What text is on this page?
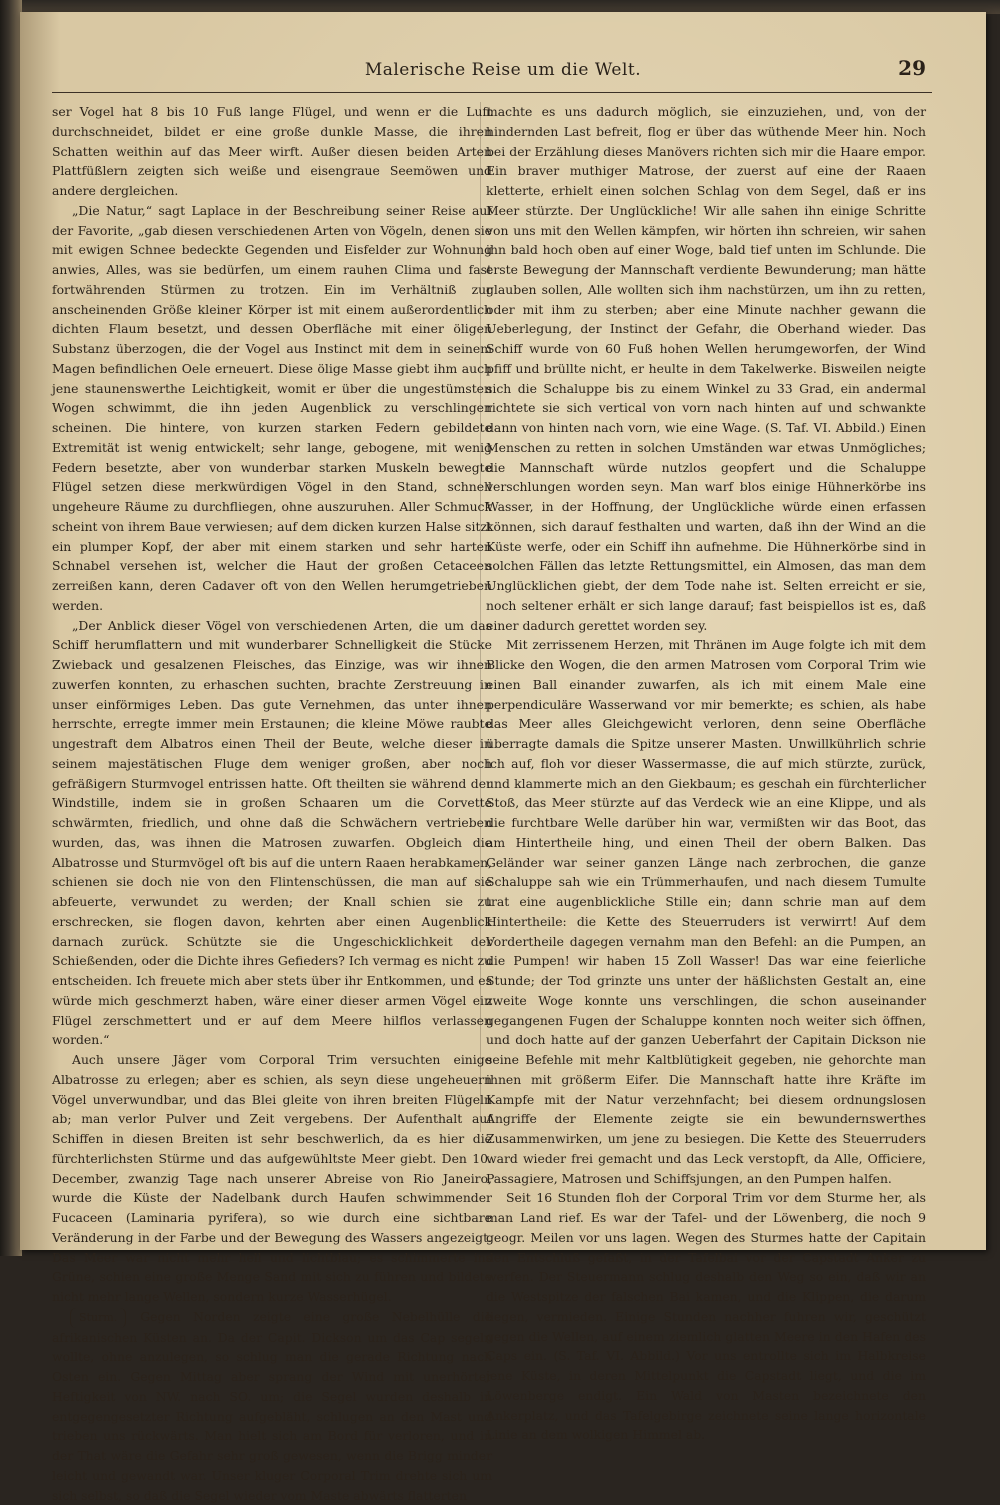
Malerische Reise um die Welt.	29

ser Vogel hat 8 bis 10 Fuß lange Flügel, und wenn er die Luft durchschneidet, bildet er eine große dunkle Masse, die ihren Schatten weithin auf das Meer wirft. Außer diesen beiden Arten Plattfüßlern zeigten sich weiße und eisengraue Seemöwen und andere dergleichen.

„Die Natur,“ sagt Laplace in der Beschreibung seiner Reise auf der Favorite, „gab diesen verschiedenen Arten von Vögeln, denen sie mit ewigen Schnee bedeckte Gegenden und Eisfelder zur Wohnung anwies, Alles, was sie bedürfen, um einem rauhen Clima und fast fortwährenden Stürmen zu trotzen. Ein im Verhältniß zur anscheinenden Größe kleiner Körper ist mit einem außerordentlich dichten Flaum besetzt, und dessen Oberfläche mit einer öligen Substanz überzogen, die der Vogel aus Instinct mit dem in seinem Magen befindlichen Oele erneuert. Diese ölige Masse giebt ihm auch jene staunenswerthe Leichtigkeit, womit er über die ungestümsten Wogen schwimmt, die ihn jeden Augenblick zu verschlingen scheinen. Die hintere, von kurzen starken Federn gebildete Extremität ist wenig entwickelt; sehr lange, gebogene, mit wenig Federn besetzte, aber von wunderbar starken Muskeln bewegte Flügel setzen diese merkwürdigen Vögel in den Stand, schnell ungeheure Räume zu durchfliegen, ohne auszuruhen. Aller Schmuck scheint von ihrem Baue verwiesen; auf dem dicken kurzen Halse sitzt ein plumper Kopf, der aber mit einem starken und sehr harten Schnabel versehen ist, welcher die Haut der großen Cetaceen zerreißen kann, deren Cadaver oft von den Wellen herumgetrieben werden.

„Der Anblick dieser Vögel von verschiedenen Arten, die um das Schiff herumflattern und mit wunderbarer Schnelligkeit die Stücke Zwieback und gesalzenen Fleisches, das Einzige, was wir ihnen zuwerfen konnten, zu erhaschen suchten, brachte Zerstreuung in unser einförmiges Leben. Das gute Vernehmen, das unter ihnen herrschte, erregte immer mein Erstaunen; die kleine Möwe raubte ungestraft dem Albatros einen Theil der Beute, welche dieser in seinem majestätischen Fluge dem weniger großen, aber noch gefräßigern Sturmvogel entrissen hatte. Oft theilten sie während der Windstille, indem sie in großen Schaaren um die Corvette schwärmten, friedlich, und ohne daß die Schwächern vertrieben wurden, das, was ihnen die Matrosen zuwarfen. Obgleich die Albatrosse und Sturmvögel oft bis auf die untern Raaen herabkamen, schienen sie doch nie von den Flintenschüssen, die man auf sie abfeuerte, verwundet zu werden; der Knall schien sie zu erschrecken, sie flogen davon, kehrten aber einen Augenblick darnach zurück. Schützte sie die Ungeschicklichkeit der Schießenden, oder die Dichte ihres Gefieders? Ich vermag es nicht zu entscheiden. Ich freuete mich aber stets über ihr Entkommen, und es würde mich geschmerzt haben, wäre einer dieser armen Vögel ein Flügel zerschmettert und er auf dem Meere hilflos verlassen worden.“

Auch unsere Jäger vom Corporal Trim versuchten einige Albatrosse zu erlegen; aber es schien, als seyn diese ungeheuern Vögel unverwundbar, und das Blei gleite von ihren breiten Flügeln ab; man verlor Pulver und Zeit vergebens. Der Aufenthalt auf Schiffen in diesen Breiten ist sehr beschwerlich, da es hier die fürchterlichsten Stürme und das aufgewühltste Meer giebt. Den 10. December, zwanzig Tage nach unserer Abreise von Rio Janeiro, wurde die Küste der Nadelbank durch Haufen schwimmender Fucaceen (Laminaria pyrifera), so wie durch eine sichtbare Veränderung in der Farbe und der Bewegung des Wassers angezeigt. Das Meer war nicht mehr hell und lichtblau; es schimmerte ins Grüne, schien eine große Menge Sand mit sich zu führen und bildete nicht mehr lange Wellen, sondern kurze Wasserhügel.

Sturm. Gegen Norden zeigte eine große Nebelhülle die afrikanischen Küsten an. Da der Capit. Dickson um das Cap segeln wollte, ohne anzulegen, so schlug man die gerade Richtung nach Osten ein. Gegen Mittag aber sprang der Wind mit unerhörter Heftigkeit von NW. nach SO. um; die Segel wurden deshalb in entgegengesetzter Richtung aufgebläht, schlugen an den Mast und trieben uns rückwärts. Man hielt sich am Bord für verloren, und in der That wäre die Gefahr sehr groß gewesen, wenn die Brigg minder leicht und gewandt war. Unser kluger Corporal Trim drehte sich um sich selbst, so daß die Segel wieder vom Maste abwärts flatterten

machte es uns dadurch möglich, sie einzuziehen, und, von der hindernden Last befreit, flog er über das wüthende Meer hin. Noch bei der Erzählung dieses Manövers richten sich mir die Haare empor. Ein braver muthiger Matrose, der zuerst auf eine der Raaen kletterte, erhielt einen solchen Schlag von dem Segel, daß er ins Meer stürzte. Der Unglückliche! Wir alle sahen ihn einige Schritte von uns mit den Wellen kämpfen, wir hörten ihn schreien, wir sahen ihn bald hoch oben auf einer Woge, bald tief unten im Schlunde. Die erste Bewegung der Mannschaft verdiente Bewunderung; man hätte glauben sollen, Alle wollten sich ihm nachstürzen, um ihn zu retten, oder mit ihm zu sterben; aber eine Minute nachher gewann die Ueberlegung, der Instinct der Gefahr, die Oberhand wieder. Das Schiff wurde von 60 Fuß hohen Wellen herumgeworfen, der Wind pfiff und brüllte nicht, er heulte in dem Takelwerke. Bisweilen neigte sich die Schaluppe bis zu einem Winkel zu 33 Grad, ein andermal richtete sie sich vertical von vorn nach hinten auf und schwankte dann von hinten nach vorn, wie eine Wage. (S. Taf. VI. Abbild.) Einen Menschen zu retten in solchen Umständen war etwas Unmögliches; die Mannschaft würde nutzlos geopfert und die Schaluppe verschlungen worden seyn. Man warf blos einige Hühnerkörbe ins Wasser, in der Hoffnung, der Unglückliche würde einen erfassen können, sich darauf festhalten und warten, daß ihn der Wind an die Küste werfe, oder ein Schiff ihn aufnehme. Die Hühnerkörbe sind in solchen Fällen das letzte Rettungsmittel, ein Almosen, das man dem Unglücklichen giebt, der dem Tode nahe ist. Selten erreicht er sie, noch seltener erhält er sich lange darauf; fast beispiellos ist es, daß einer dadurch gerettet worden sey.

Mit zerrissenem Herzen, mit Thränen im Auge folgte ich mit dem Blicke den Wogen, die den armen Matrosen vom Corporal Trim wie einen Ball einander zuwarfen, als ich mit einem Male eine perpendiculäre Wasserwand vor mir bemerkte; es schien, als habe das Meer alles Gleichgewicht verloren, denn seine Oberfläche überragte damals die Spitze unserer Masten. Unwillkührlich schrie ich auf, floh vor dieser Wassermasse, die auf mich stürzte, zurück, und klammerte mich an den Giekbaum; es geschah ein fürchterlicher Stoß, das Meer stürzte auf das Verdeck wie an eine Klippe, und als die furchtbare Welle darüber hin war, vermißten wir das Boot, das am Hintertheile hing, und einen Theil der obern Balken. Das Geländer war seiner ganzen Länge nach zerbrochen, die ganze Schaluppe sah wie ein Trümmerhaufen, und nach diesem Tumulte trat eine augenblickliche Stille ein; dann schrie man auf dem Hintertheile: die Kette des Steuerruders ist verwirrt! Auf dem Vordertheile dagegen vernahm man den Befehl: an die Pumpen, an die Pumpen! wir haben 15 Zoll Wasser! Das war eine feierliche Stunde; der Tod grinzte uns unter der häßlichsten Gestalt an, eine zweite Woge konnte uns verschlingen, die schon auseinander gegangenen Fugen der Schaluppe konnten noch weiter sich öffnen, und doch hatte auf der ganzen Ueberfahrt der Capitain Dickson nie seine Befehle mit mehr Kaltblütigkeit gegeben, nie gehorchte man ihnen mit größerm Eifer. Die Mannschaft hatte ihre Kräfte im Kampfe mit der Natur verzehnfacht; bei diesem ordnungslosen Angriffe der Elemente zeigte sie ein bewundernswerthes Zusammenwirken, um jene zu besiegen. Die Kette des Steuerruders ward wieder frei gemacht und das Leck verstopft, da Alle, Officiere, Passagiere, Matrosen und Schiffsjungen, an den Pumpen halfen.

Seit 16 Stunden floh der Corporal Trim vor dem Sturme her, als man Land rief. Es war der Tafel- und der Löwenberg, die noch 9 geogr. Meilen vor uns lagen. Wegen des Sturmes hatte der Capitain den Entschluß gefaßt, in der Tafelbai vor der Capstadt Anker zu werfen. Der Steuermann schlug deshalb den Weg so ein, daß wir an die Westspitze der falschen Bai kamen, und die Klippen, die darum liegen, vermieden. Einige Stunden nachher fuhren wir, geschützt gegen die Wellen, auf einem ziemlich glatten Meere in den Hafen des Caps ein. (S. Taf. VI. Abbild.) Vor uns entrollte sich im Halbkreise jene Küste, in deren Mittelpunkt die Capstadt liegt, und die im Löwenberge endigt. Ein Wald von Masten bezeichnete den Ankerplatz, und das Tafelgebirge zeichnete seine lange horizontale Linie an dem wolkigen Himmel ab.
